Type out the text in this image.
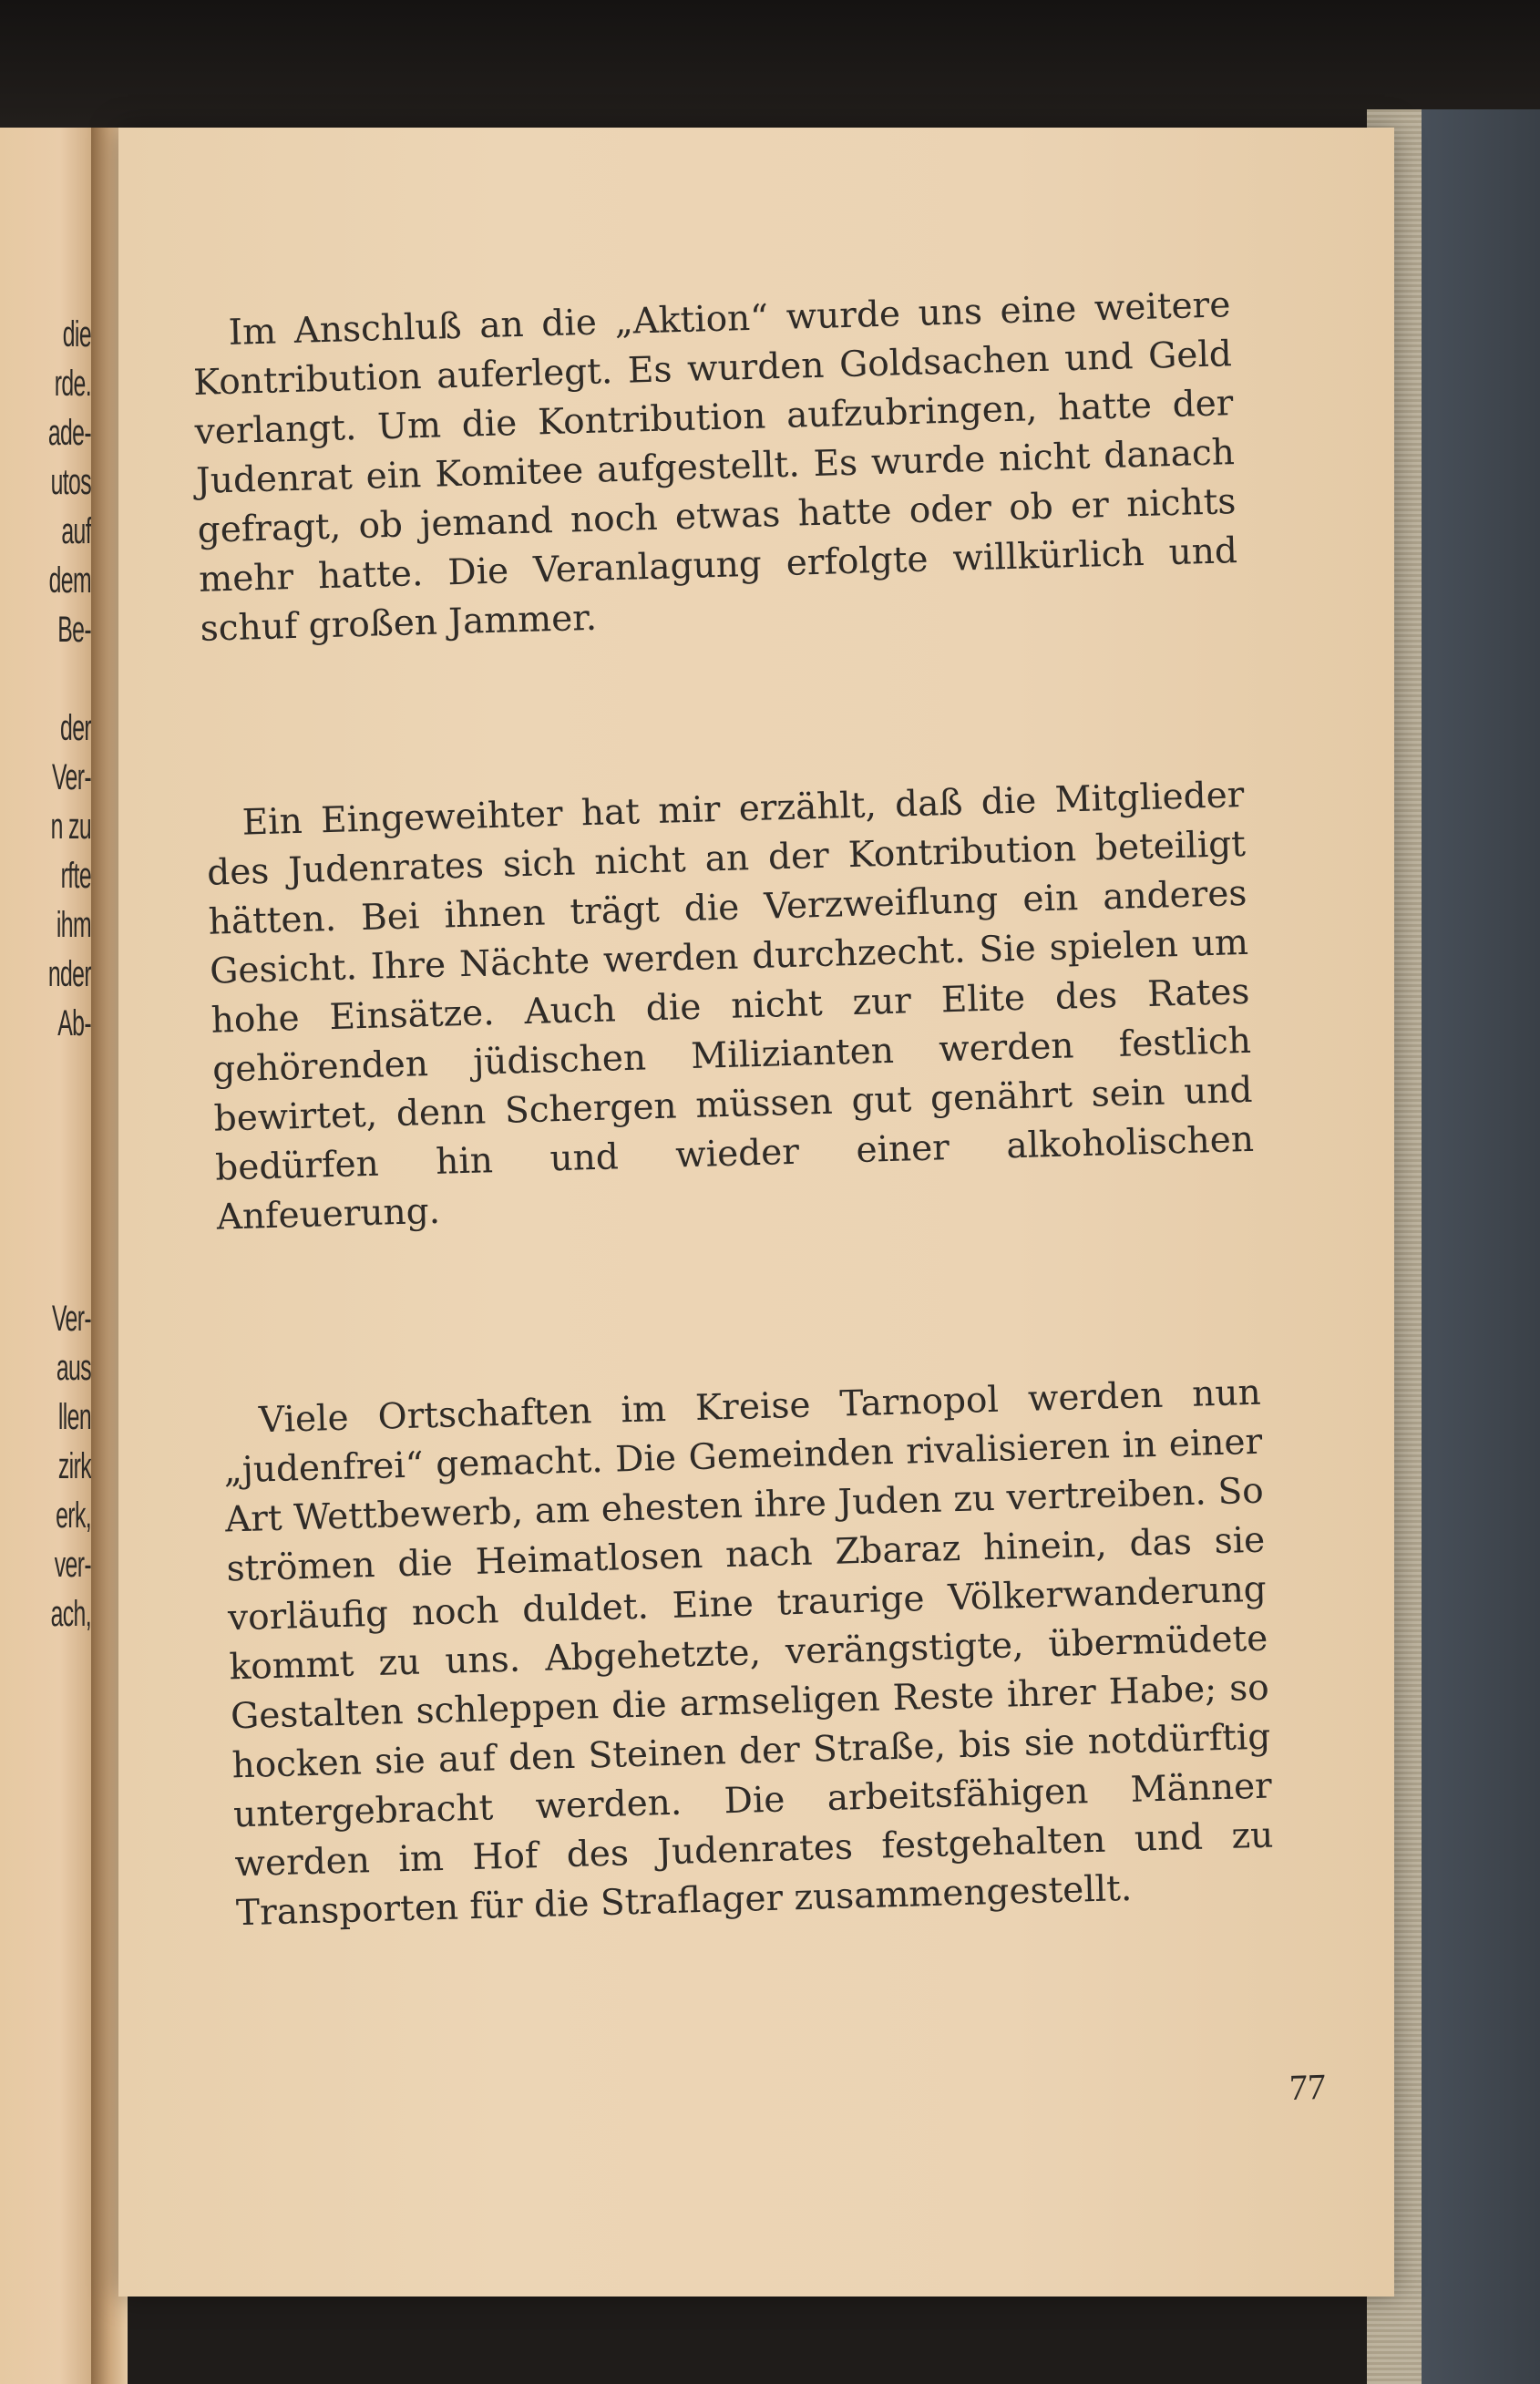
die
rde.
ade-
utos
auf
dem
Be-
der
Ver-
n zu
rfte
ihm
nder
Ab-
Ver-
aus
llen
zirk
erk,
ver-
ach,

Im Anschluß an die „Aktion“ wurde uns eine weitere Kontribution auferlegt. Es wurden Goldsachen und Geld verlangt. Um die Kontribution aufzubringen, hatte der Judenrat ein Komitee aufgestellt. Es wurde nicht danach gefragt, ob jemand noch etwas hatte oder ob er nichts mehr hatte. Die Veranlagung erfolgte willkürlich und schuf großen Jammer.

Ein Eingeweihter hat mir erzählt, daß die Mitglieder des Judenrates sich nicht an der Kontribution beteiligt hätten. Bei ihnen trägt die Verzweiflung ein anderes Gesicht. Ihre Nächte werden durchzecht. Sie spielen um hohe Einsätze. Auch die nicht zur Elite des Rates gehörenden jüdischen Milizianten werden festlich bewirtet, denn Schergen müssen gut genährt sein und bedürfen hin und wieder einer alkoholischen Anfeuerung.

Viele Ortschaften im Kreise Tarnopol werden nun „judenfrei“ gemacht. Die Gemeinden rivalisieren in einer Art Wettbewerb, am ehesten ihre Juden zu vertreiben. So strömen die Heimatlosen nach Zbaraz hinein, das sie vorläufig noch duldet. Eine traurige Völkerwanderung kommt zu uns. Abgehetzte, verängstigte, übermüdete Gestalten schleppen die armseligen Reste ihrer Habe; so hocken sie auf den Steinen der Straße, bis sie notdürftig untergebracht werden. Die arbeitsfähigen Männer werden im Hof des Judenrates festgehalten und zu Transporten für die Straflager zusammengestellt.

77
